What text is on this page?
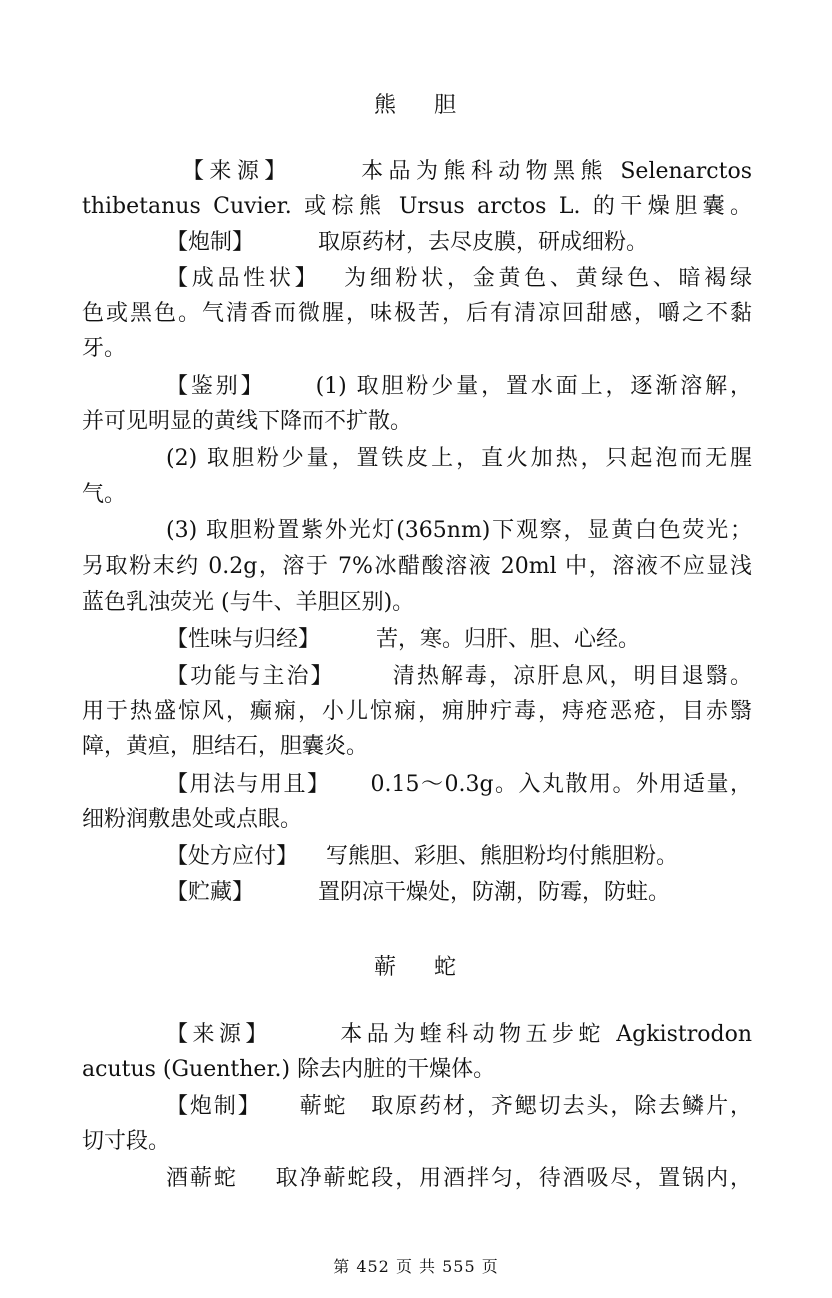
熊 胆
【来源】	本品为熊科动物黑熊 Selenarctos
thibetanus Cuvier. 或棕熊 Ursus arctos L. 的干燥胆囊。
【炮制】	取原药材，去尽皮膜，研成细粉。
【成品性状】 为细粉状，金黄色、黄绿色、暗褐绿
色或黑色。气清香而微腥，味极苦，后有清凉回甜感，嚼之不黏
牙。
【鉴别】 (1) 取胆粉少量，置水面上，逐渐溶解，
并可见明显的黄线下降而不扩散。
(2) 取胆粉少量，置铁皮上，直火加热，只起泡而无腥
气。
(3) 取胆粉置紫外光灯(365nm)下观察，显黄白色荧光；
另取粉末约 0.2g，溶于 7%冰醋酸溶液 20ml 中，溶液不应显浅
蓝色乳浊荧光 (与牛、羊胆区别)。
【性味与归经】	苦，寒。归肝、胆、心经。
【功能与主治】	清热解毒，凉肝息风，明目退翳。
用于热盛惊风，癫痫，小儿惊痫，痈肿疔毒，痔疮恶疮，目赤翳
障，黄疸，胆结石，胆囊炎。
【用法与用且】 0.15～0.3g。入丸散用。外用适量，
细粉润敷患处或点眼。
【处方应付】 写熊胆、彩胆、熊胆粉均付熊胆粉。
【贮藏】	置阴凉干燥处，防潮，防霉，防蛀。
蕲 蛇
【来源】	本品为蝰科动物五步蛇 Agkistrodon
acutus (Guenther.) 除去内脏的干燥体。
【炮制】 蕲蛇　取原药材，齐鳃切去头，除去鳞片，
切寸段。
酒蕲蛇 取净蕲蛇段，用酒拌匀，待酒吸尽，置锅内，
第 452 页 共 555 页
